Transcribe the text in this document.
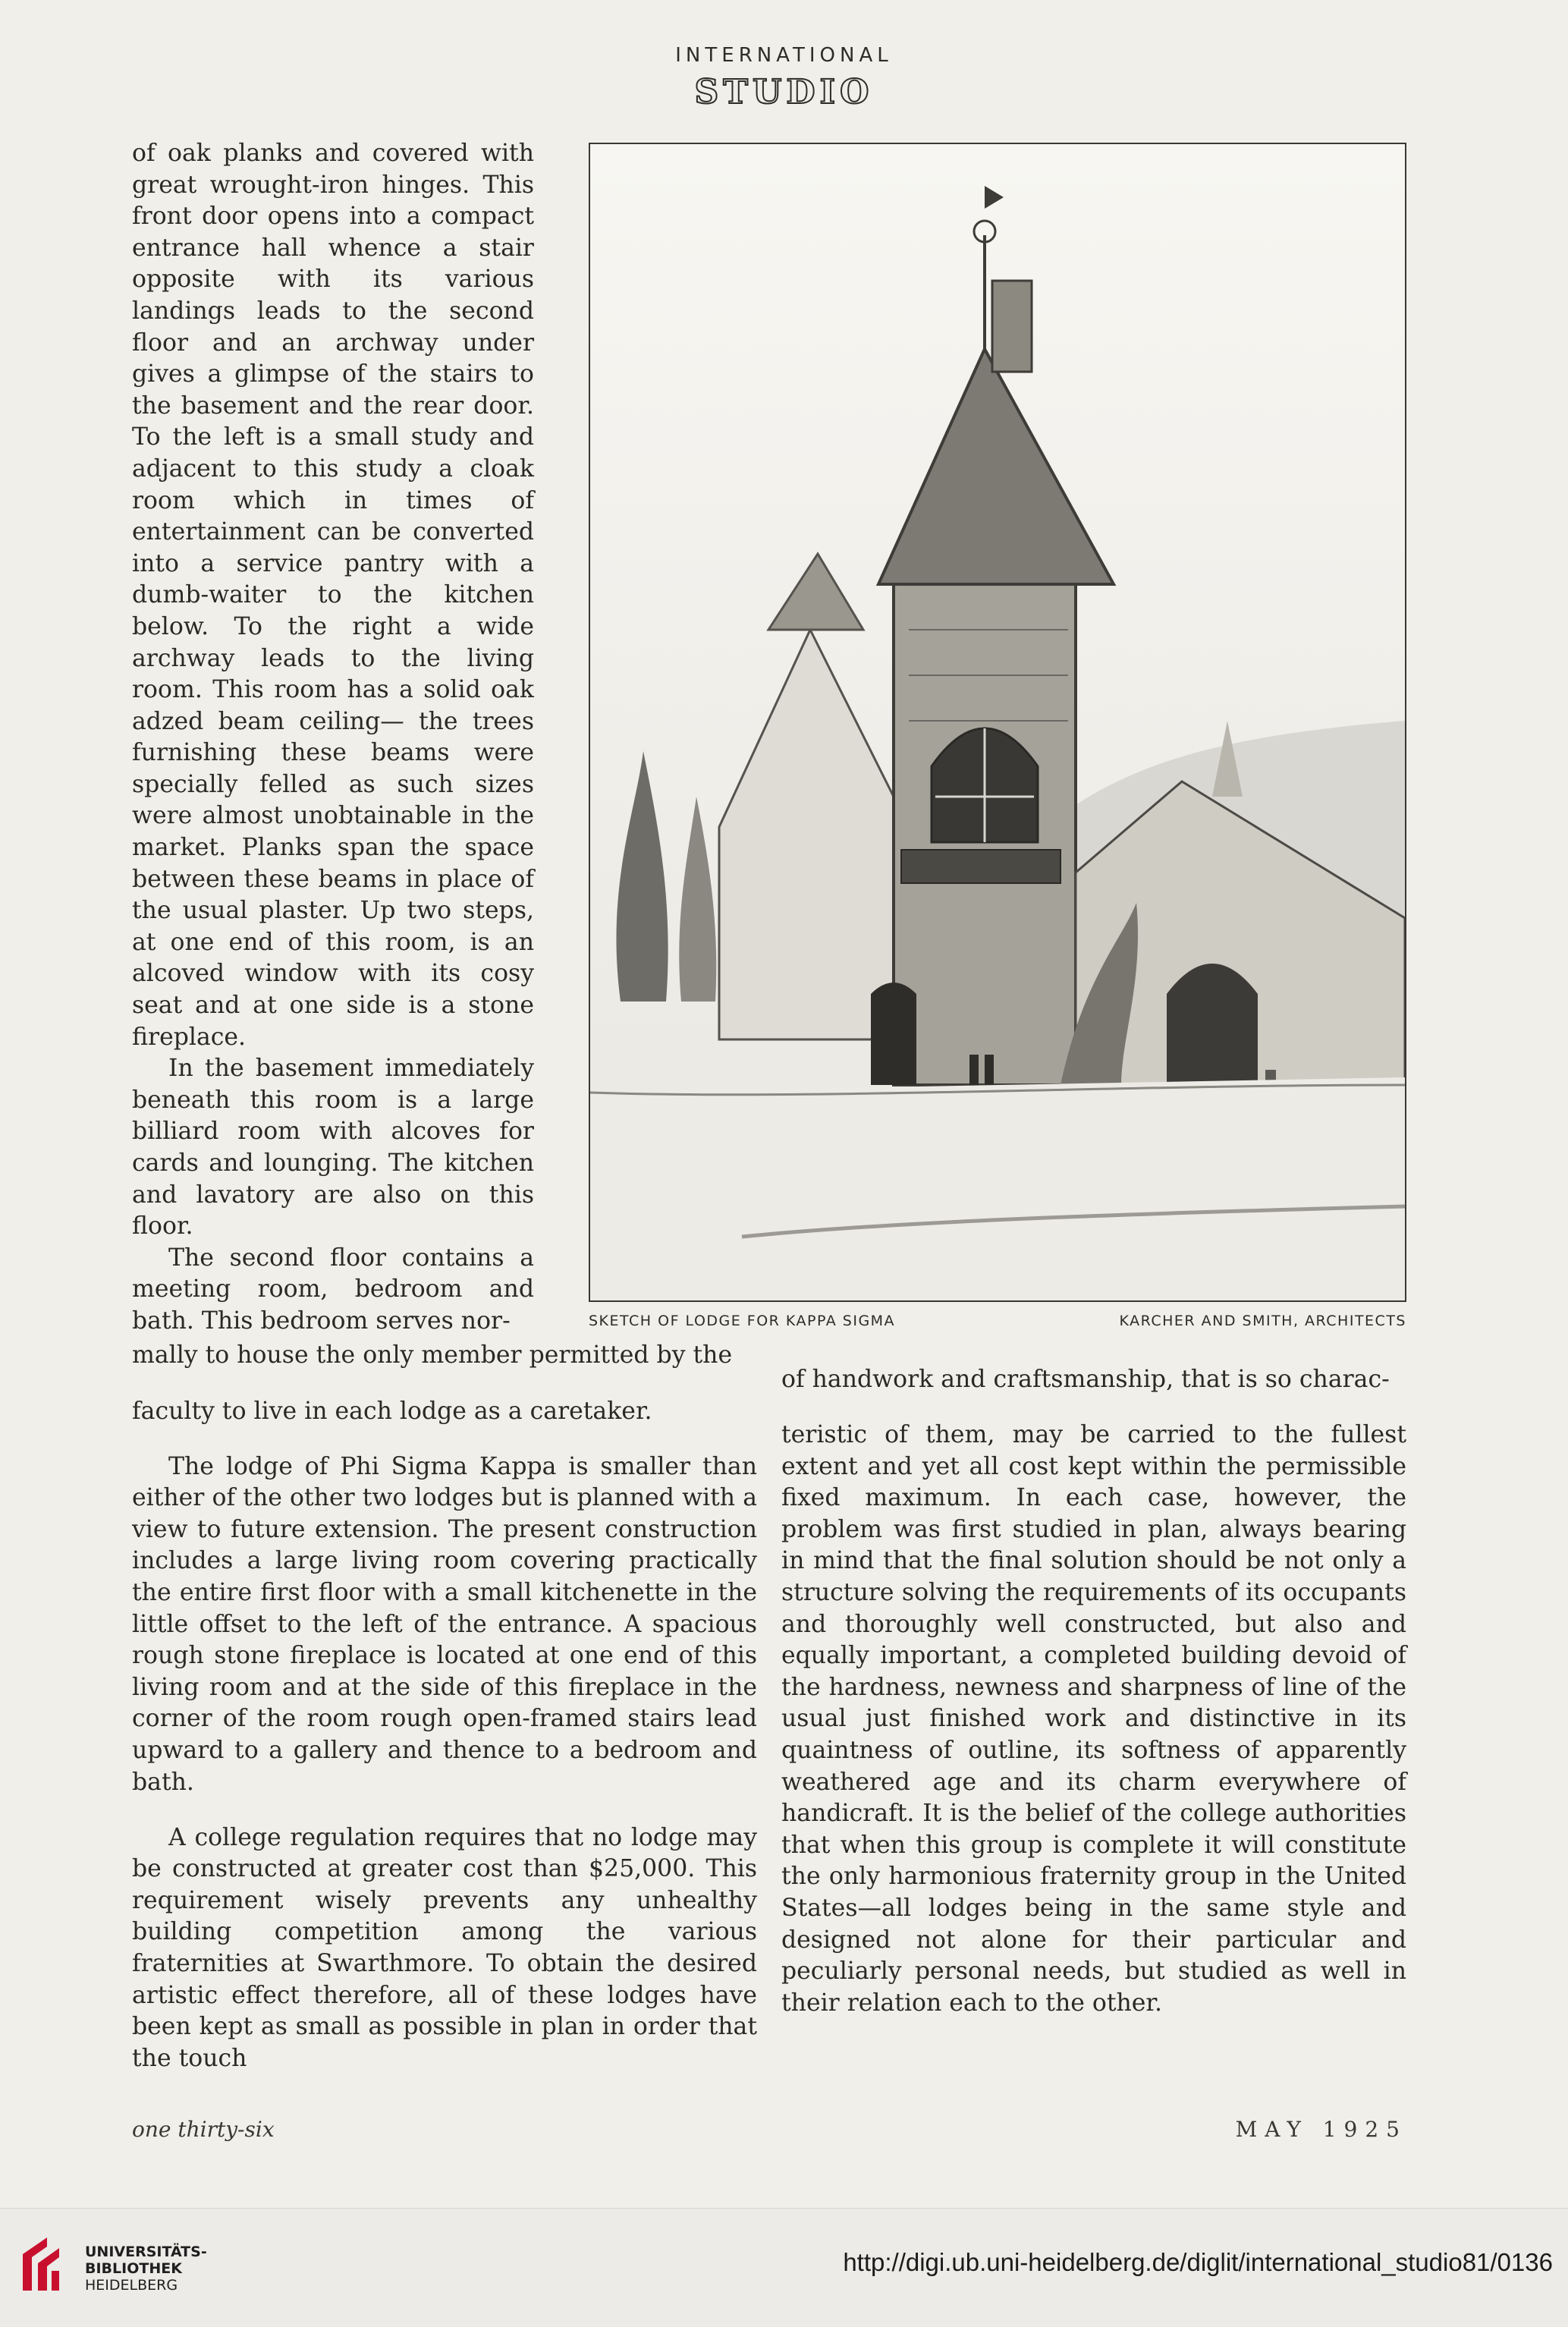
INTERNATIONAL
STUDIO

of oak planks and covered with great wrought-iron hinges. This front door opens into a compact entrance hall whence a stair opposite with its various landings leads to the second floor and an archway under gives a glimpse of the stairs to the basement and the rear door. To the left is a small study and adjacent to this study a cloak room which in times of entertainment can be converted into a service pantry with a dumb-waiter to the kitchen below. To the right a wide archway leads to the living room. This room has a solid oak adzed beam ceiling— the trees furnishing these beams were specially felled as such sizes were almost unobtainable in the market. Planks span the space between these beams in place of the usual plaster. Up two steps, at one end of this room, is an alcoved window with its cosy seat and at one side is a stone fireplace.

In the basement immediately beneath this room is a large billiard room with alcoves for cards and lounging. The kitchen and lavatory are also on this floor.

The second floor contains a meeting room, bedroom and bath. This bedroom serves nor-	SKETCH OF LODGE FOR KAPPA SIGMA	KARCHER AND SMITH, ARCHITECTS

mally to house the only member permitted by the

faculty to live in each lodge as a caretaker.

The lodge of Phi Sigma Kappa is smaller than either of the other two lodges but is planned with a view to future extension. The present construction includes a large living room covering practically the entire first floor with a small kitchenette in the little offset to the left of the entrance. A spacious rough stone fireplace is located at one end of this living room and at the side of this fireplace in the corner of the room rough open-framed stairs lead upward to a gallery and thence to a bedroom and bath.

A college regulation requires that no lodge may be constructed at greater cost than $25,000. This requirement wisely prevents any unhealthy building competition among the various fraternities at Swarthmore. To obtain the desired artistic effect therefore, all of these lodges have been kept as small as possible in plan in order that the touch

of handwork and craftsmanship, that is so charac-

teristic of them, may be carried to the fullest extent and yet all cost kept within the permissible fixed maximum. In each case, however, the problem was first studied in plan, always bearing in mind that the final solution should be not only a structure solving the requirements of its occupants and thoroughly well constructed, but also and equally important, a completed building devoid of the hardness, newness and sharpness of line of the usual just finished work and distinctive in its quaintness of outline, its softness of apparently weathered age and its charm everywhere of handicraft. It is the belief of the college authorities that when this group is complete it will constitute the only harmonious fraternity group in the United States—all lodges being in the same style and designed not alone for their particular and peculiarly personal needs, but studied as well in their relation each to the other.

one thirty-six	MAY 1925
UNIVERSITÄTS-
BIBLIOTHEK
HEIDELBERG
http://digi.ub.uni-heidelberg.de/diglit/international_studio81/0136
